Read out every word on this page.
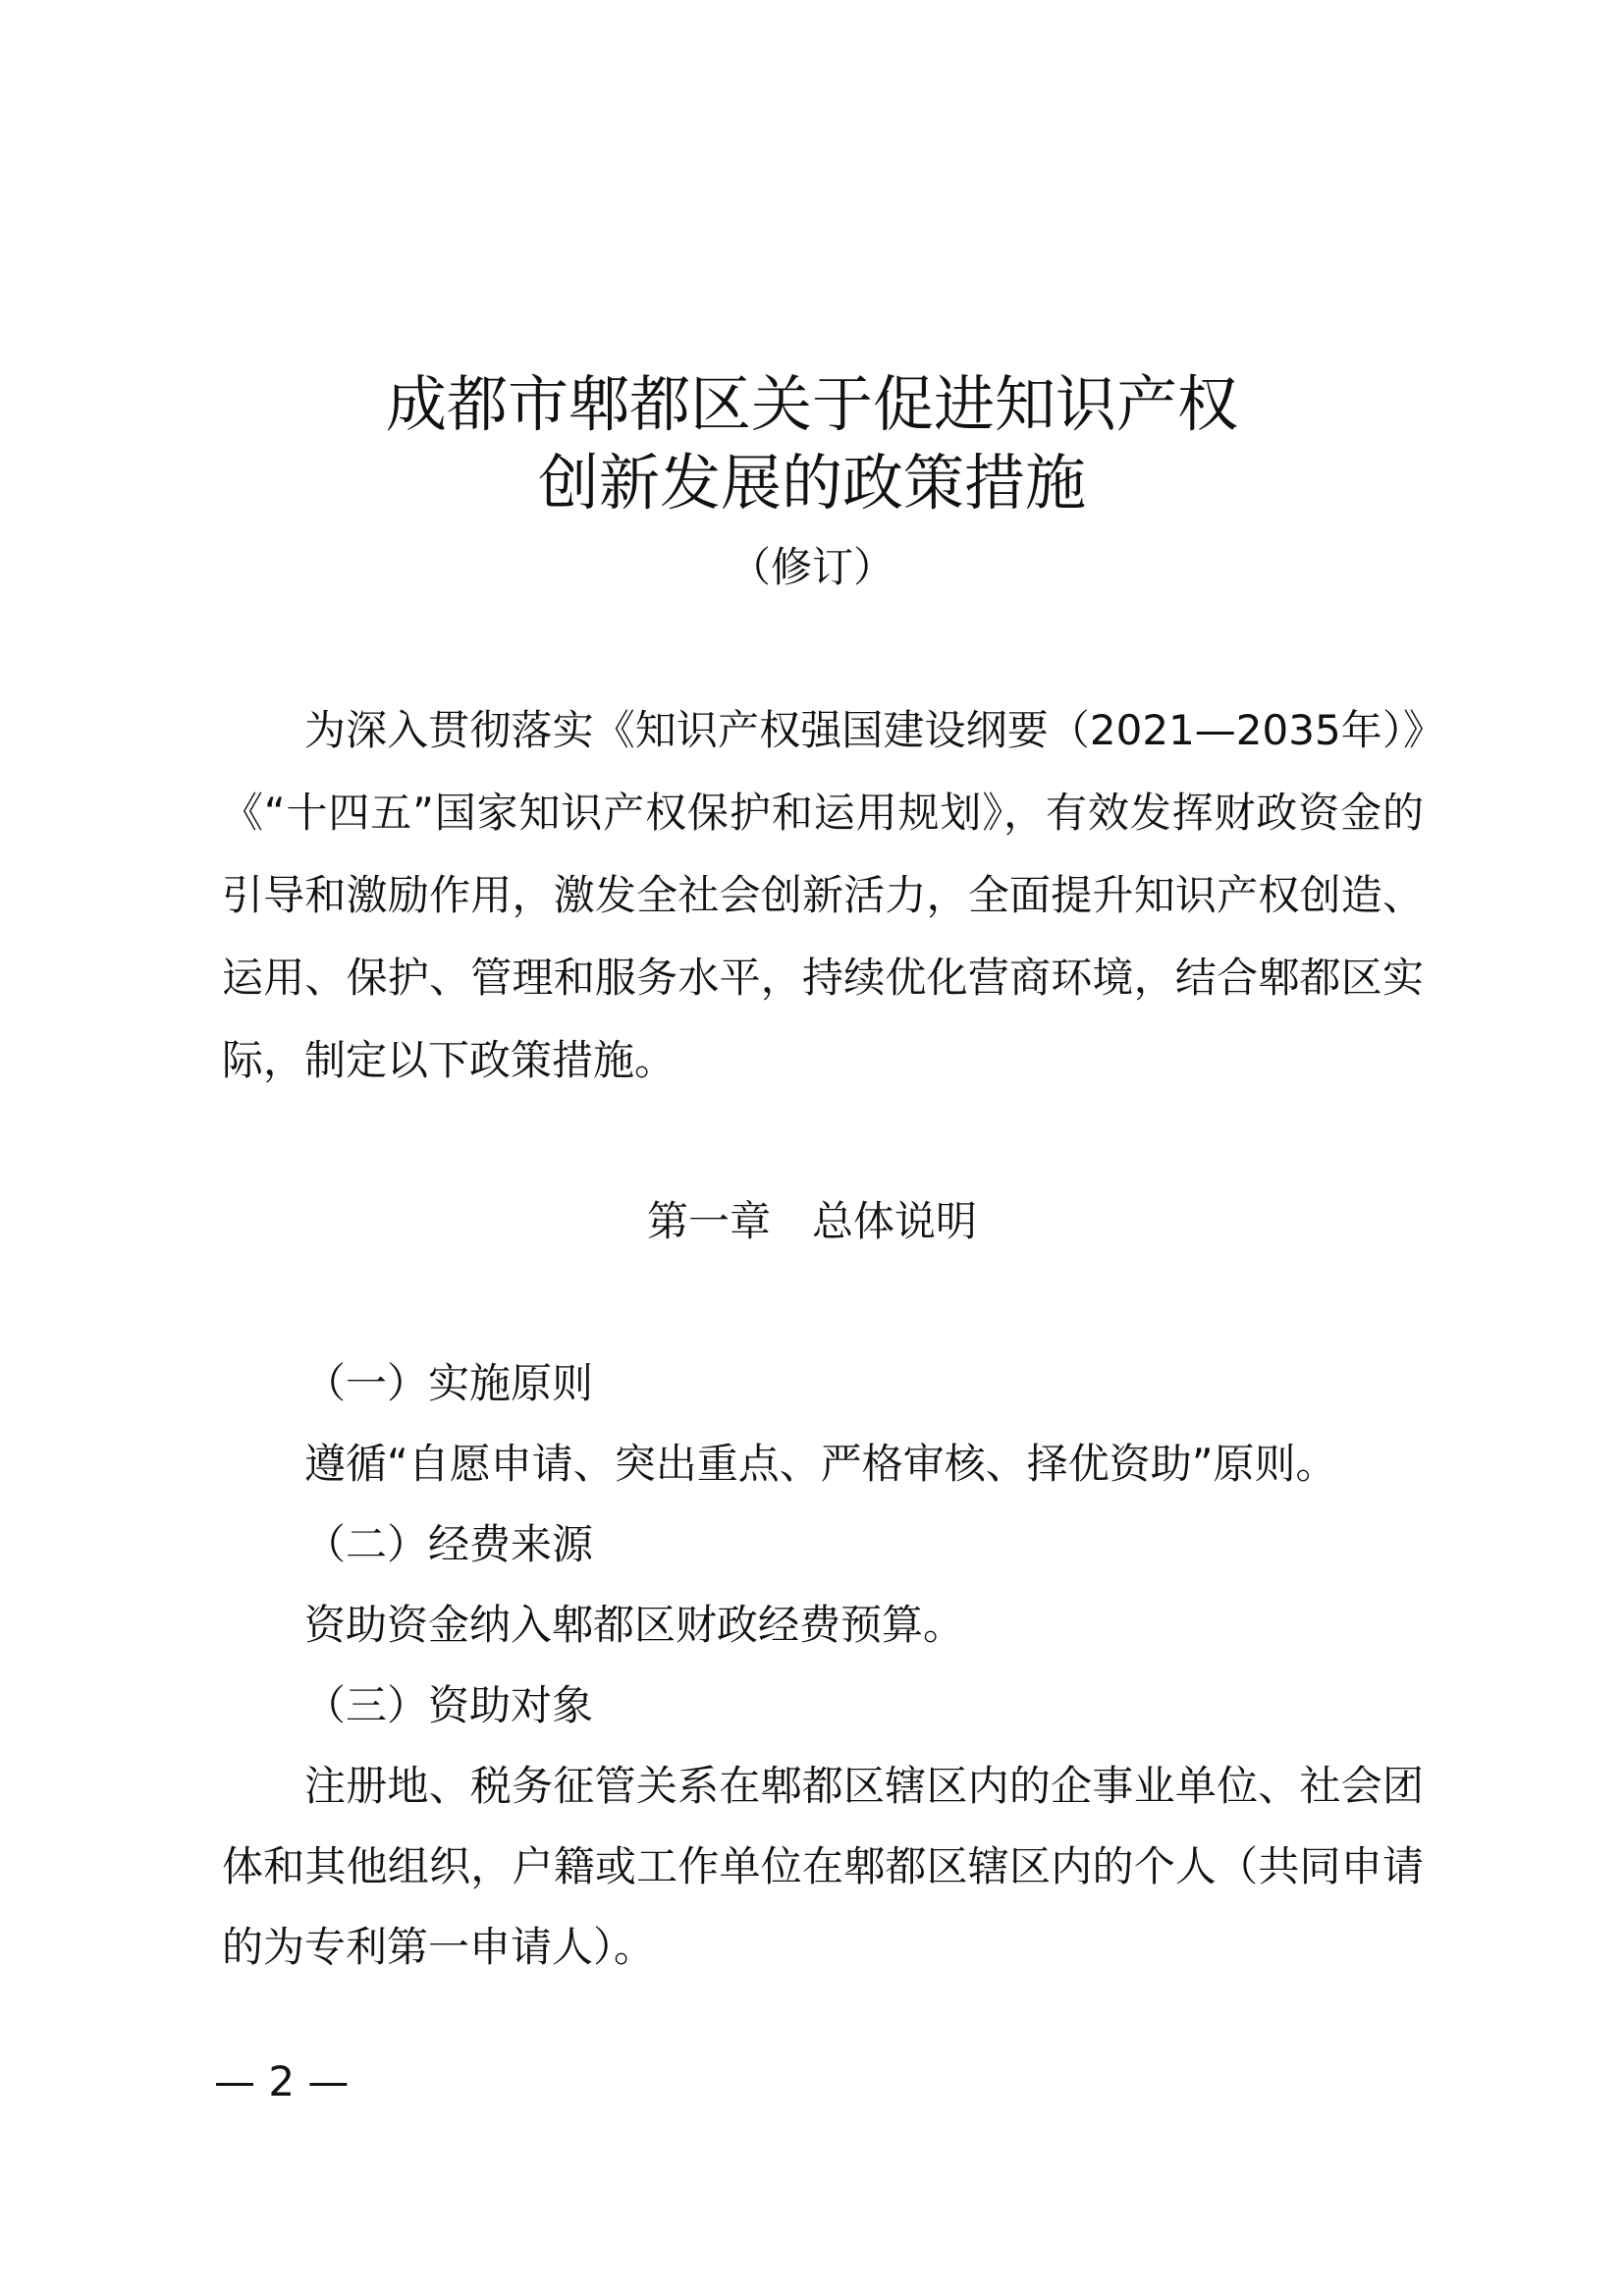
成都市郫都区关于促进知识产权
创新发展的政策措施
（修订）
为深入贯彻落实《知识产权强国建设纲要（2021—2035年）》《“十四五”国家知识产权保护和运用规划》，有效发挥财政资金的引导和激励作用，激发全社会创新活力，全面提升知识产权创造、运用、保护、管理和服务水平，持续优化营商环境，结合郫都区实际，制定以下政策措施。
第一章　总体说明

（一）实施原则

遵循“自愿申请、突出重点、严格审核、择优资助”原则。

（二）经费来源

资助资金纳入郫都区财政经费预算。

（三）资助对象

注册地、税务征管关系在郫都区辖区内的企事业单位、社会团体和其他组织，户籍或工作单位在郫都区辖区内的个人（共同申请的为专利第一申请人）。

— 2 —
